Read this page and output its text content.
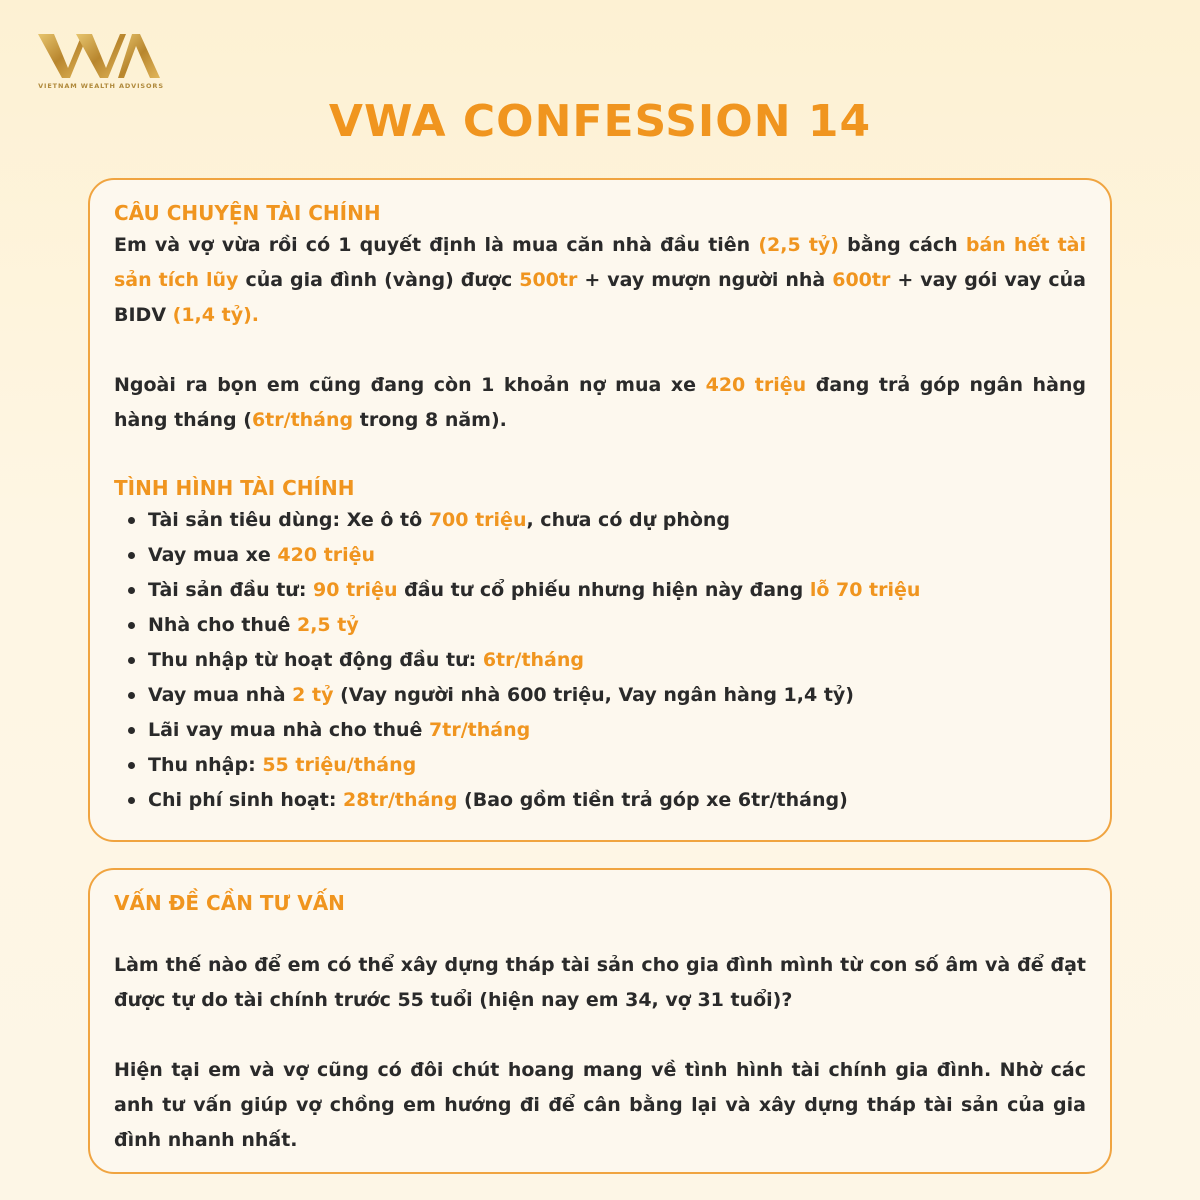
VIETNAM WEALTH ADVISORS
VWA CONFESSION 14

CÂU CHUYỆN TÀI CHÍNH

Em và vợ vừa rồi có 1 quyết định là mua căn nhà đầu tiên (2,5 tỷ) bằng cách bán hết tài sản tích lũy của gia đình (vàng) được 500tr + vay mượn người nhà 600tr + vay gói vay của BIDV (1,4 tỷ).

Ngoài ra bọn em cũng đang còn 1 khoản nợ mua xe 420 triệu đang trả góp ngân hàng hàng tháng (6tr/tháng trong 8 năm).

TÌNH HÌNH TÀI CHÍNH

Tài sản tiêu dùng: Xe ô tô 700 triệu, chưa có dự phòng
Vay mua xe 420 triệu
Tài sản đầu tư: 90 triệu đầu tư cổ phiếu nhưng hiện này đang lỗ 70 triệu
Nhà cho thuê 2,5 tỷ
Thu nhập từ hoạt động đầu tư: 6tr/tháng
Vay mua nhà 2 tỷ (Vay người nhà 600 triệu, Vay ngân hàng 1,4 tỷ)
Lãi vay mua nhà cho thuê 7tr/tháng
Thu nhập: 55 triệu/tháng
Chi phí sinh hoạt: 28tr/tháng (Bao gồm tiền trả góp xe 6tr/tháng)

VẤN ĐỀ CẦN TƯ VẤN

Làm thế nào để em có thể xây dựng tháp tài sản cho gia đình mình từ con số âm và để đạt được tự do tài chính trước 55 tuổi (hiện nay em 34, vợ 31 tuổi)?

Hiện tại em và vợ cũng có đôi chút hoang mang về tình hình tài chính gia đình. Nhờ các anh tư vấn giúp vợ chồng em hướng đi để cân bằng lại và xây dựng tháp tài sản của gia đình nhanh nhất.
